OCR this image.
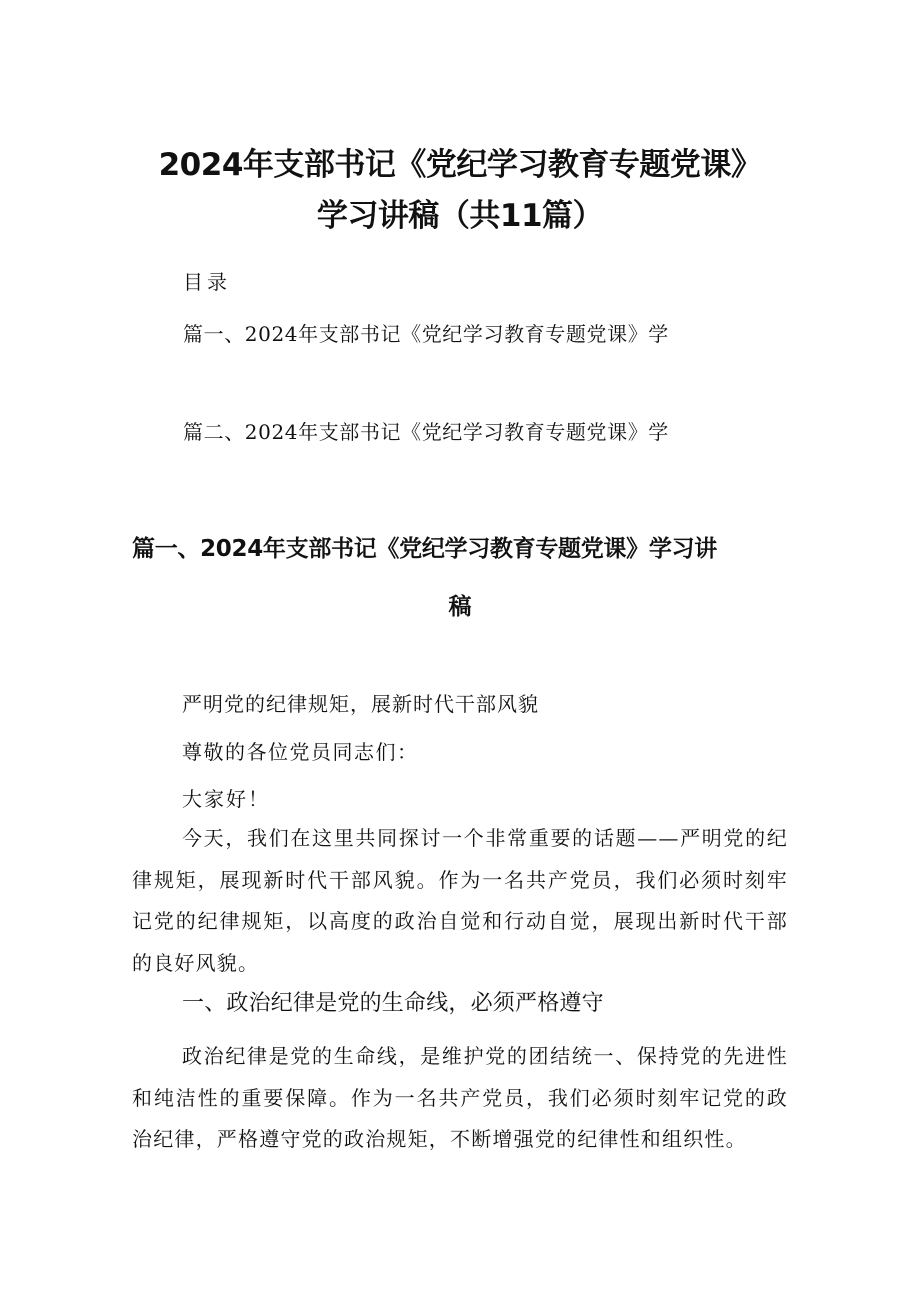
2024年支部书记《党纪学习教育专题党课》
学习讲稿（共11篇）
目录
篇一、2024年支部书记《党纪学习教育专题党课》学
篇二、2024年支部书记《党纪学习教育专题党课》学
篇一、2024年支部书记《党纪学习教育专题党课》学习讲
稿
严明党的纪律规矩，展新时代干部风貌
尊敬的各位党员同志们：
大家好！

今天，我们在这里共同探讨一个非常重要的话题——严明党的纪律规矩，展现新时代干部风貌。作为一名共产党员，我们必须时刻牢记党的纪律规矩，以高度的政治自觉和行动自觉，展现出新时代干部的良好风貌。

一、政治纪律是党的生命线，必须严格遵守

政治纪律是党的生命线，是维护党的团结统一、保持党的先进性和纯洁性的重要保障。作为一名共产党员，我们必须时刻牢记党的政治纪律，严格遵守党的政治规矩，不断增强党的纪律性和组织性。
